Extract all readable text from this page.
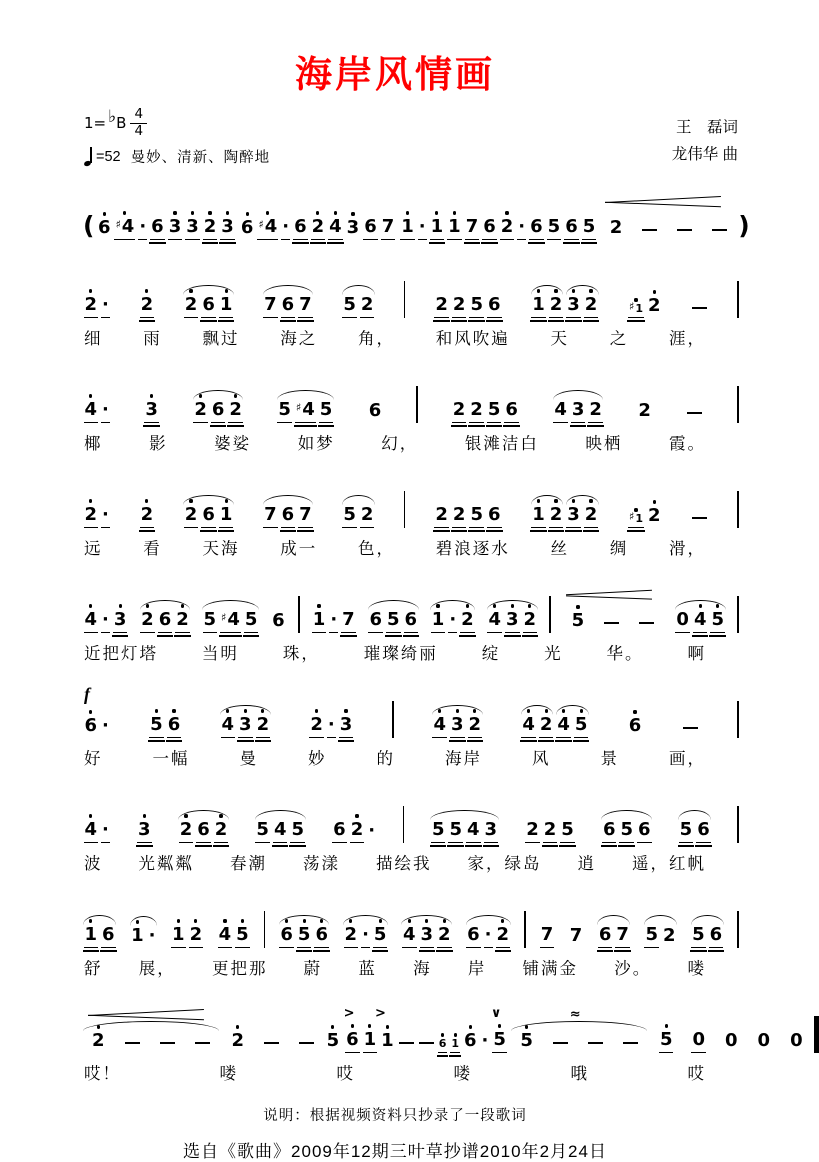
海岸风情画
1= ♭ B $\frac{4}{4}$
=52 曼妙、清新、陶醉地
王　磊词
龙伟华 曲
( 6 ♯ 4 · 6 3 3 2 3 6 ♯ 4 · 6 2 4 3 6 7 1 · 1 1 7 6 2 · 6 5 6 5 2	)
2 · 2 2 6 1 7 6 7 5 2	2 2 5 6 1 2 3 2	♯ 1 2
细 雨 飘过 海之 角， 和风吹遍 天 之 涯，
4 · 3 2 6 2 5 ♯ 4 5 6	2 2 5 6 4 3 2 2
椰	影	婆娑	如梦	幻，	银滩洁白	映栖	霞。
2 · 2 2 6 1 7 6 7 5 2	2 2 5 6 1 2 3 2	♯ 1 2
远 看 天海 成一 色， 碧浪逐水 丝 绸 滑，
4 · 3 2 6 2 5 ♯ 4 5 6 1 · 7 6 5 6 1 · 2 4 3 2 5	0 4 5
近把灯塔	当明	珠，	璀璨绮丽	绽	光	华。	啊
f
6 · 5 6 4 3 2 2 · 3	4 3 2 4 2 4 5 6
好	一幅	曼	妙	的	海岸	风	景	画，
4 · 3 2 6 2 5 4 5 6 2 ·	5 5 4 3 2 2 5 6 5 6 5 6
波 光粼粼 春潮 荡漾 描绘我 家，绿岛 逍 遥，红帆
1 6 1 · 1 2 4 5 6 5 6 2 · 5 4 3 2 6 · 2 7 7 6 7 5 2 5 6
舒 展， 更把那 蔚 蓝 海 岸 铺满金 沙。 喽
2	2	5
> >
6 1 1	6 1 6 ·
∨
5
≈
5	5 0 0 0 0
哎！	喽	哎	喽	哦	哎
说明：根据视频资料只抄录了一段歌词
选自《歌曲》2009年12期三叶草抄谱2010年2月24日
